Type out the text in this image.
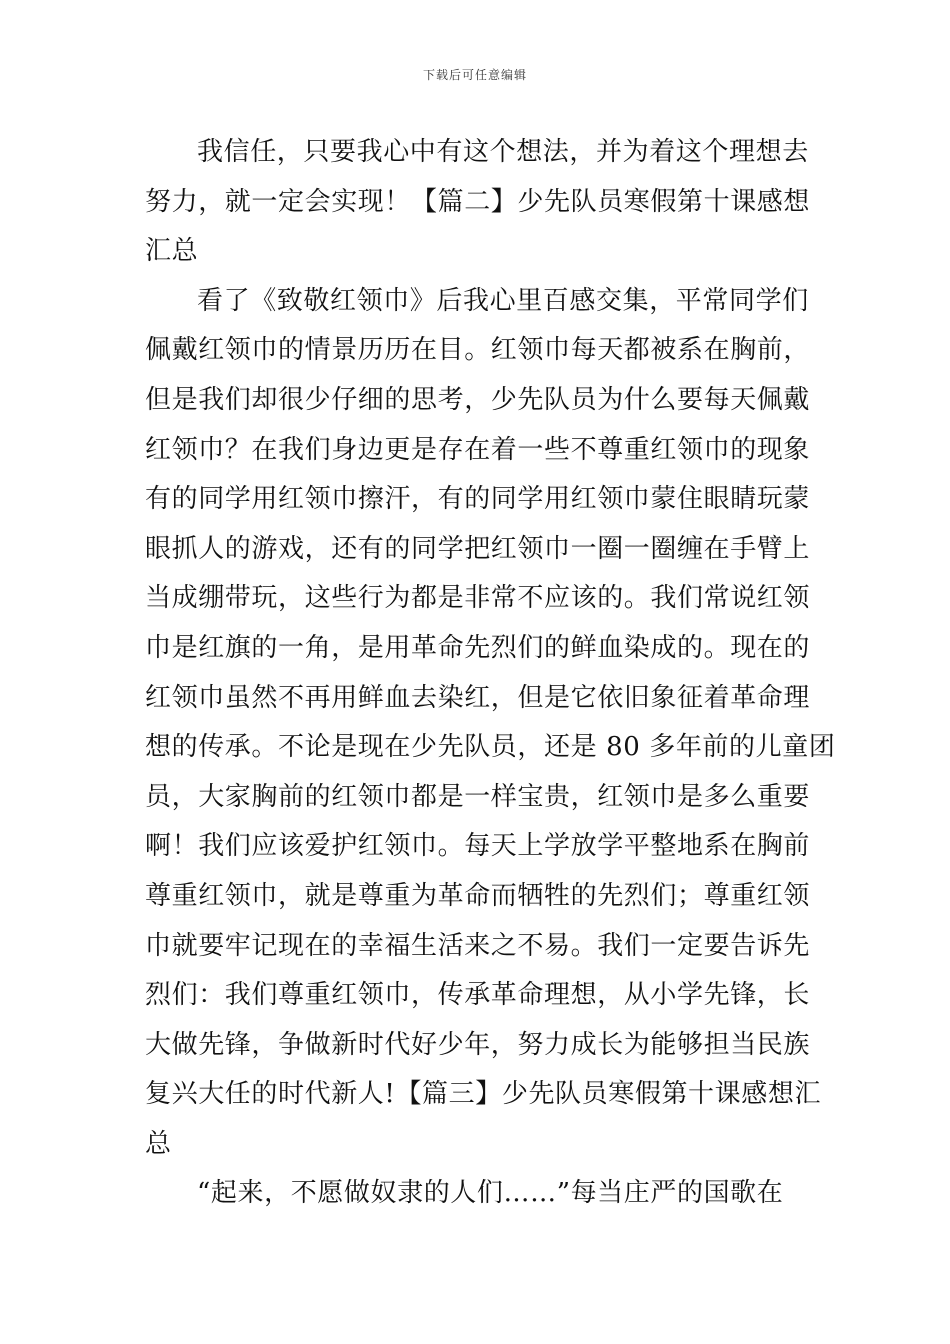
下载后可任意编辑
我信任，只要我心中有这个想法，并为着这个理想去
努力，就一定会实现！【篇二】少先队员寒假第十课感想
汇总
看了《致敬红领巾》后我心里百感交集，平常同学们
佩戴红领巾的情景历历在目。红领巾每天都被系在胸前，
但是我们却很少仔细的思考，少先队员为什么要每天佩戴
红领巾？在我们身边更是存在着一些不尊重红领巾的现象
有的同学用红领巾擦汗，有的同学用红领巾蒙住眼睛玩蒙
眼抓人的游戏，还有的同学把红领巾一圈一圈缠在手臂上
当成绷带玩，这些行为都是非常不应该的。我们常说红领
巾是红旗的一角，是用革命先烈们的鲜血染成的。现在的
红领巾虽然不再用鲜血去染红，但是它依旧象征着革命理
想的传承。不论是现在少先队员，还是 80 多年前的儿童团
员，大家胸前的红领巾都是一样宝贵，红领巾是多么重要
啊！我们应该爱护红领巾。每天上学放学平整地系在胸前
尊重红领巾，就是尊重为革命而牺牲的先烈们；尊重红领
巾就要牢记现在的幸福生活来之不易。我们一定要告诉先
烈们：我们尊重红领巾，传承革命理想，从小学先锋，长
大做先锋，争做新时代好少年，努力成长为能够担当民族
复兴大任的时代新人!【篇三】少先队员寒假第十课感想汇
总
“起来，不愿做奴隶的人们……”每当庄严的国歌在
